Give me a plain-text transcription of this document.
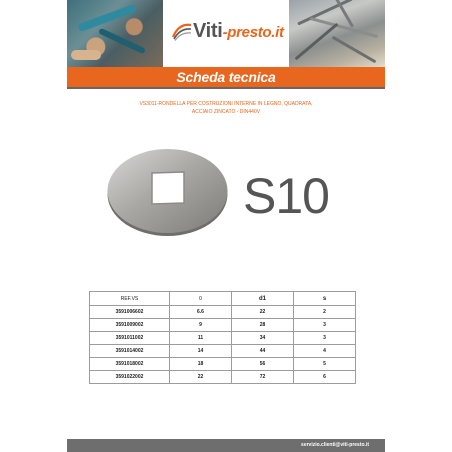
Viti-presto.it
Scheda tecnica
VS3011-RONDELLA PER COSTRUZIONI INTERNE IN LEGNO, QUADRATA,
ACCIAIO ZINCATO - DIN440V
S10
REF.VS	0	d1	s
3591006602	6.6	22	2
3591009002	9	28	3
3591011002	11	34	3
3591014002	14	44	4
3591018002	18	56	5
3591022002	22	72	6
servizio.clienti@viti-presto.it
